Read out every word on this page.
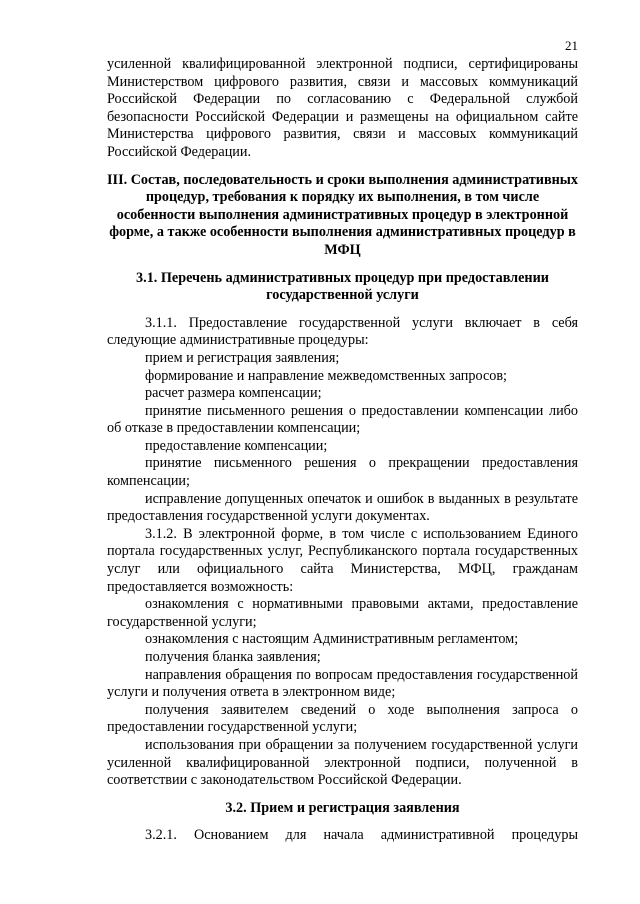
21

усиленной квалифицированной электронной подписи, сертифицированы Министерством цифрового развития, связи и массовых коммуникаций Российской Федерации по согласованию с Федеральной службой безопасности Российской Федерации и размещены на официальном сайте Министерства цифрового развития, связи и массовых коммуникаций Российской Федерации.

III. Состав, последовательность и сроки выполнения административных процедур, требования к порядку их выполнения, в том числе особенности выполнения административных процедур в электронной форме, а также особенности выполнения административных процедур в МФЦ

3.1. Перечень административных процедур при предоставлении государственной услуги

3.1.1. Предоставление государственной услуги включает в себя следующие административные процедуры:

прием и регистрация заявления;

формирование и направление межведомственных запросов;

расчет размера компенсации;

принятие письменного решения о предоставлении компенсации либо об отказе в предоставлении компенсации;

предоставление компенсации;

принятие письменного решения о прекращении предоставления компенсации;

исправление допущенных опечаток и ошибок в выданных в результате предоставления государственной услуги документах.

3.1.2. В электронной форме, в том числе с использованием Единого портала государственных услуг, Республиканского портала государственных услуг или официального сайта Министерства, МФЦ, гражданам предоставляется возможность:

ознакомления с нормативными правовыми актами, предоставление государственной услуги;

ознакомления с настоящим Административным регламентом;

получения бланка заявления;

направления обращения по вопросам предоставления государственной услуги и получения ответа в электронном виде;

получения заявителем сведений о ходе выполнения запроса о предоставлении государственной услуги;

использования при обращении за получением государственной услуги усиленной квалифицированной электронной подписи, полученной в соответствии с законодательством Российской Федерации.

3.2. Прием и регистрация заявления

3.2.1. Основанием для начала административной процедуры
